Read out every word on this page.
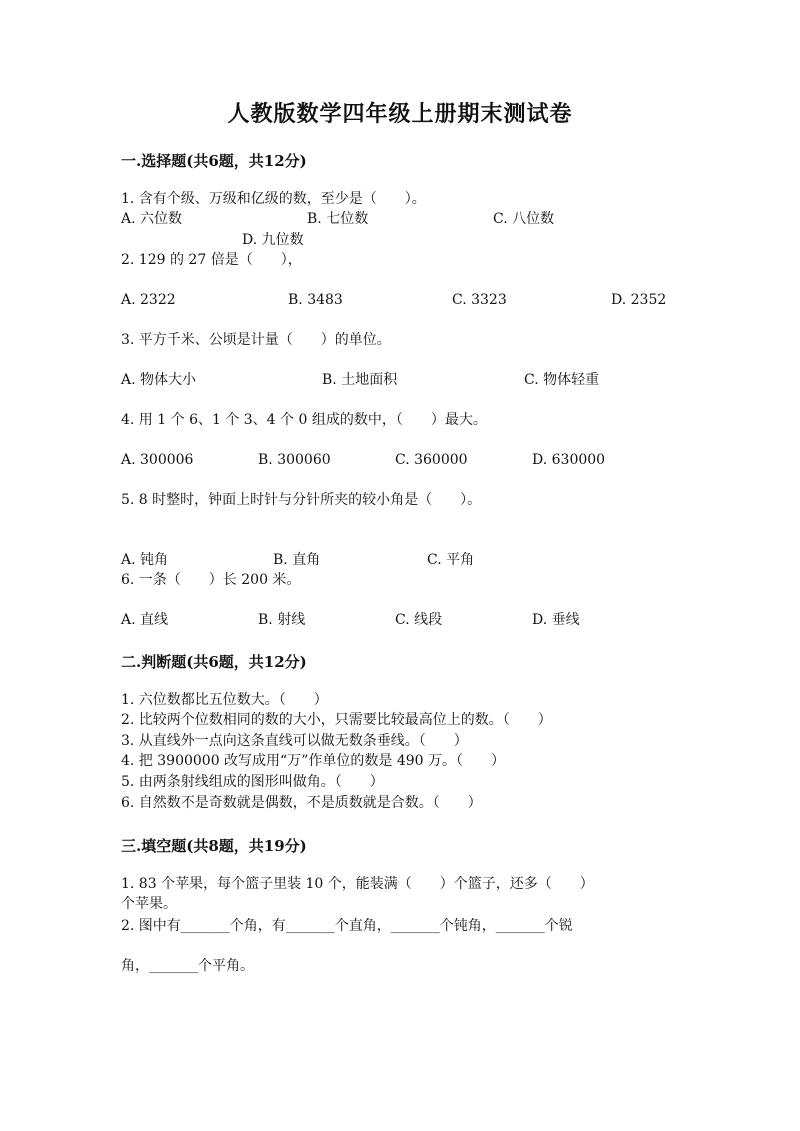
人教版数学四年级上册期末测试卷
一.选择题(共6题，共12分)
1. 含有个级、万级和亿级的数，至少是（　　）。
A. 六位数	B. 七位数	C. 八位数
D. 九位数
2. 129 的 27 倍是（　　），
A. 2322	B. 3483	C. 3323	D. 2352
3. 平方千米、公顷是计量（　　）的单位。
A. 物体大小	B. 土地面积	C. 物体轻重
4. 用 1 个 6、1 个 3、4 个 0 组成的数中，（　　）最大。
A. 300006	B. 300060	C. 360000	D. 630000
5. 8 时整时，钟面上时针与分针所夹的较小角是（　　）。
A. 钝角	B. 直角	C. 平角
6. 一条（　　）长 200 米。
A. 直线	B. 射线	C. 线段	D. 垂线
二.判断题(共6题，共12分)
1. 六位数都比五位数大。（　　）
2. 比较两个位数相同的数的大小，只需要比较最高位上的数。（　　）
3. 从直线外一点向这条直线可以做无数条垂线。（　　）
4. 把 3900000 改写成用“万”作单位的数是 490 万。（　　）
5. 由两条射线组成的图形叫做角。（　　）
6. 自然数不是奇数就是偶数，不是质数就是合数。（　　）
三.填空题(共8题，共19分)
1. 83 个苹果，每个篮子里装 10 个，能装满（　　）个篮子，还多（　　）
个苹果。
2. 图中有_______个角，有_______个直角，_______个钝角，_______个锐
角，_______个平角。
